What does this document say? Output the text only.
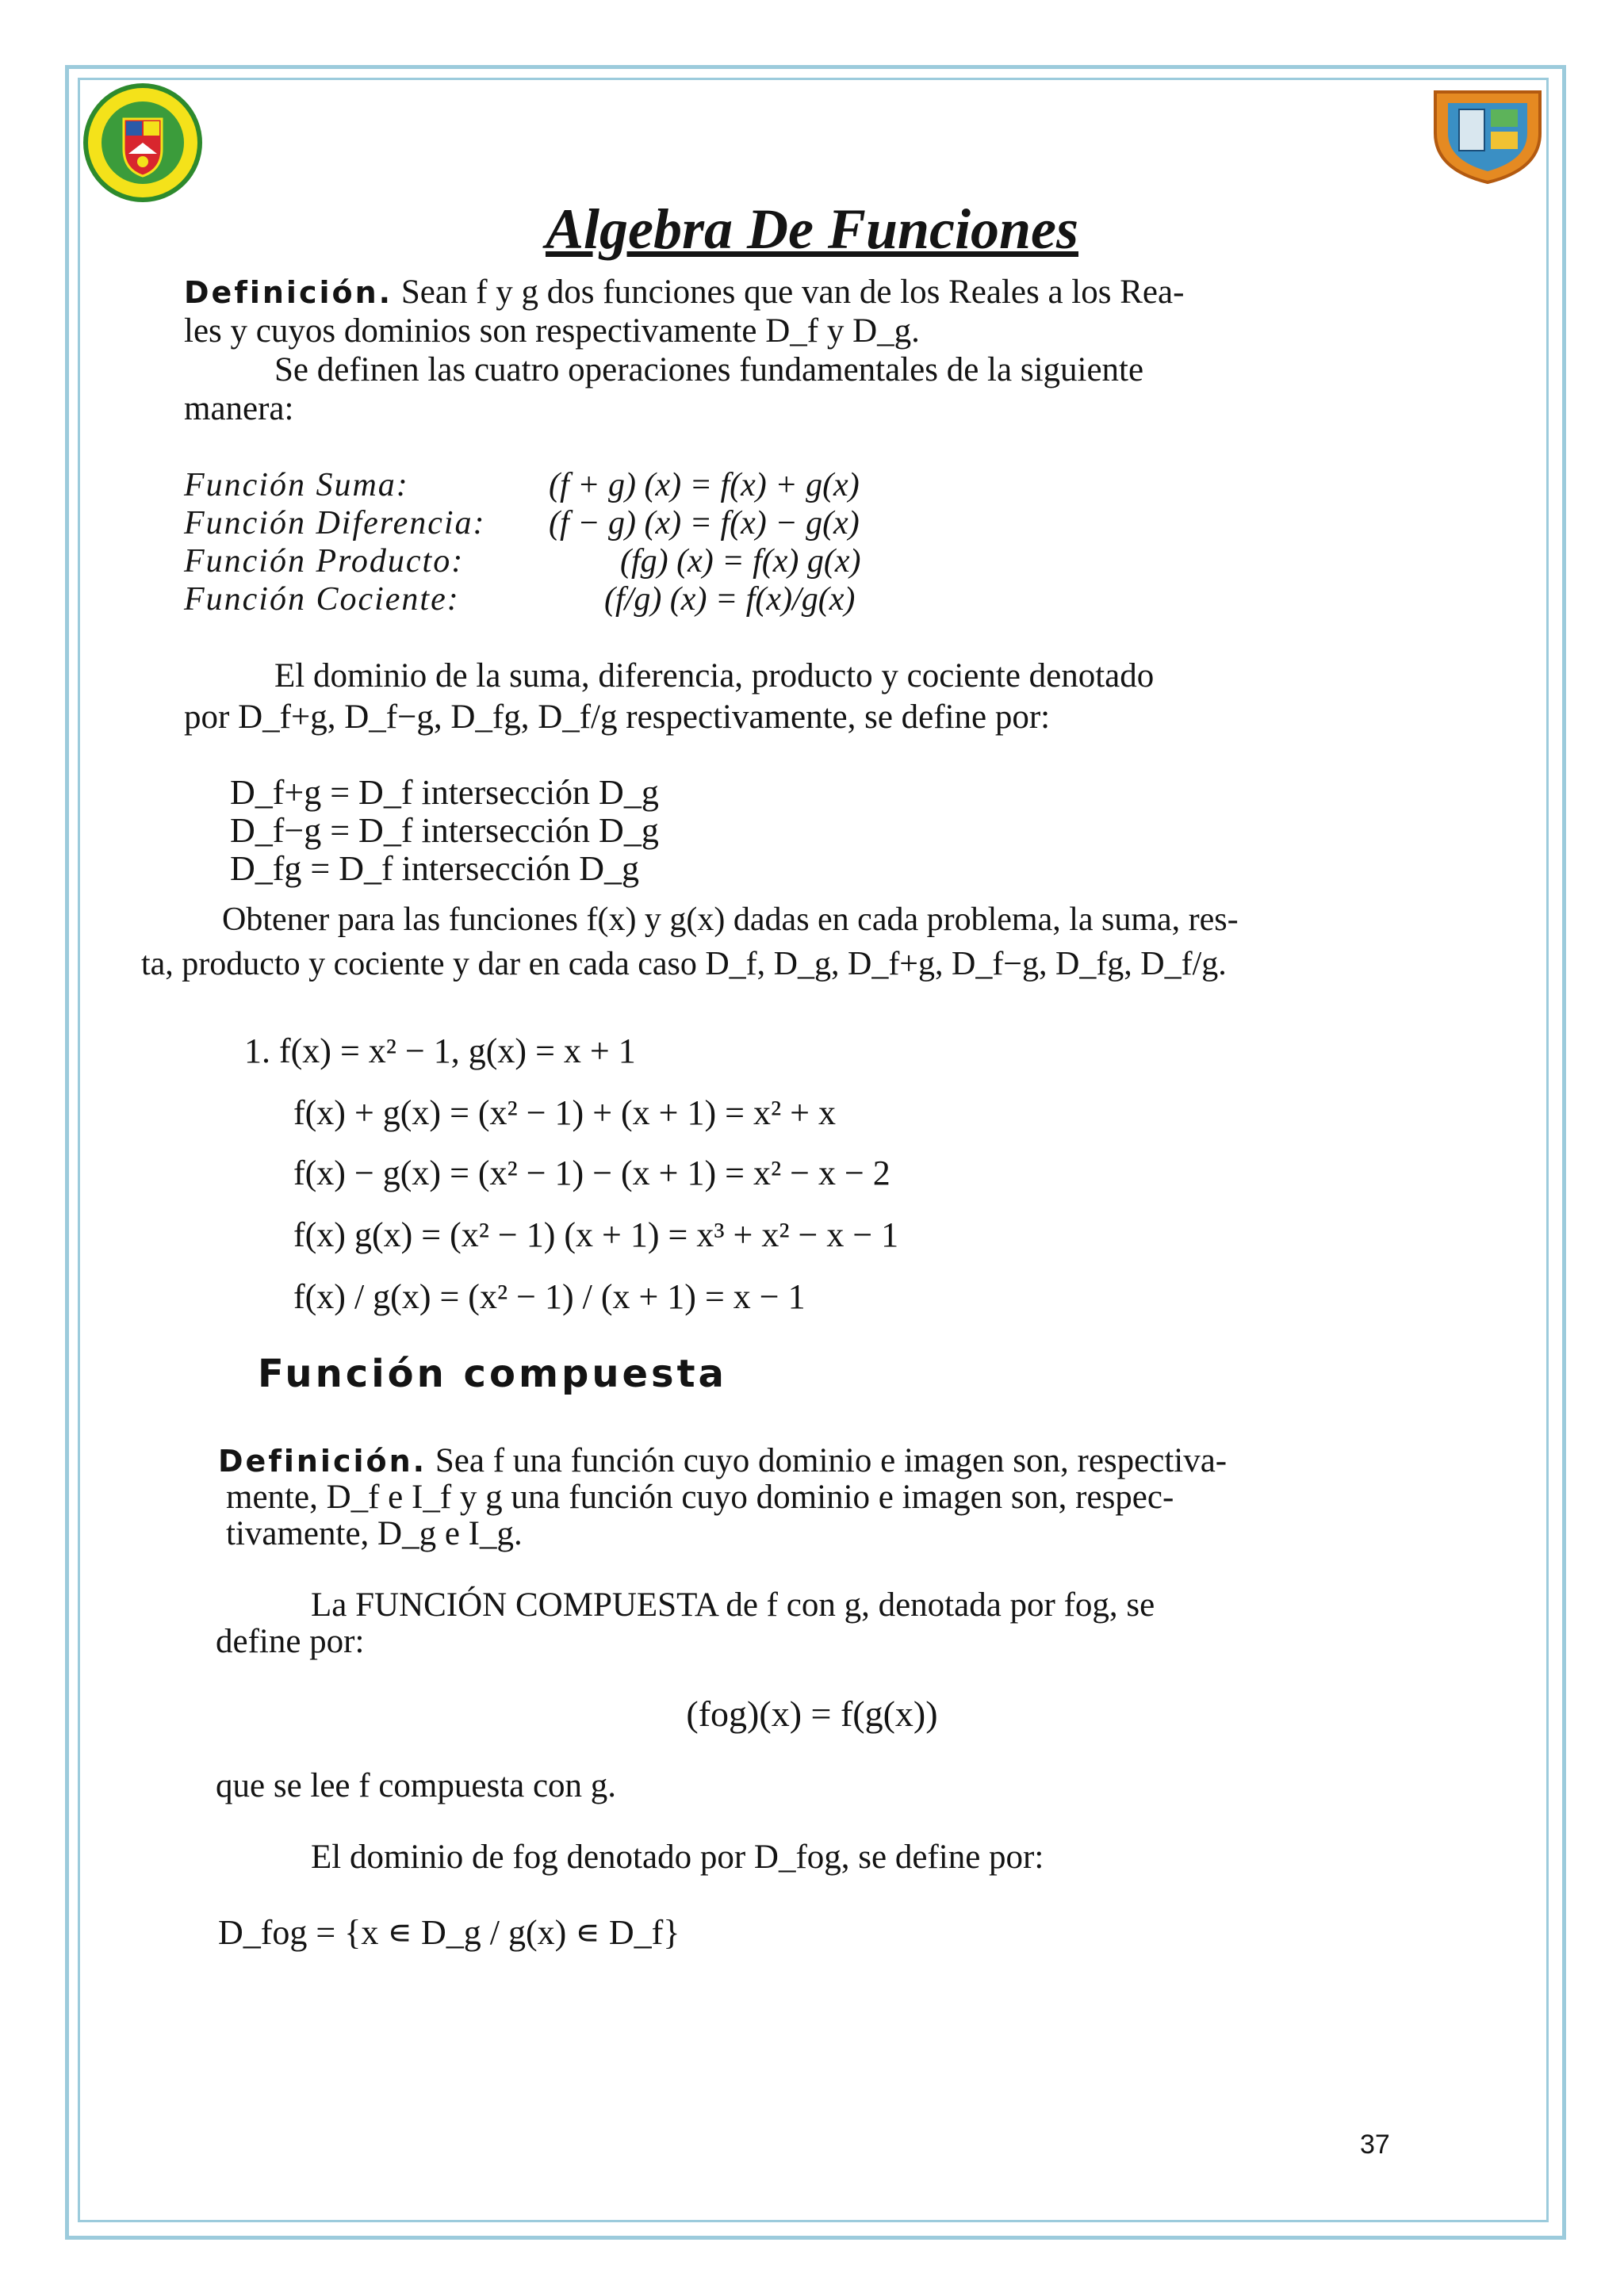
Algebra De Funciones

Definición. Sean f y g dos funciones que van de los Reales a los Rea-

les y cuyos dominios son respectivamente D_f y D_g.

Se definen las cuatro operaciones fundamentales de la siguiente

manera:

Función Suma:	(f + g) (x) = f(x) + g(x)
Función Diferencia: (f − g) (x) = f(x) − g(x)
Función Producto:	(fg) (x) = f(x) g(x)
Función Cociente:	(f/g) (x) = f(x)/g(x)

El dominio de la suma, diferencia, producto y cociente denotado

por D_f+g, D_f−g, D_fg, D_f/g respectivamente, se define por:

D_f+g = D_f intersección D_g
D_f−g = D_f intersección D_g
D_fg = D_f intersección D_g

Obtener para las funciones f(x) y g(x) dadas en cada problema, la suma, res-

ta, producto y cociente y dar en cada caso D_f, D_g, D_f+g, D_f−g, D_fg, D_f/g.

1. f(x) = x² − 1, g(x) = x + 1
f(x) + g(x) = (x² − 1) + (x + 1) = x² + x
f(x) − g(x) = (x² − 1) − (x + 1) = x² − x − 2
f(x) g(x) = (x² − 1) (x + 1) = x³ + x² − x − 1
f(x) / g(x) = (x² − 1) / (x + 1) = x − 1
Función compuesta

Definición. Sea f una función cuyo dominio e imagen son, respectiva-

mente, D_f e I_f y g una función cuyo dominio e imagen son, respec-

tivamente, D_g e I_g.

La FUNCIÓN COMPUESTA de f con g, denotada por fog, se

define por:

(fog)(x) = f(g(x))

que se lee f compuesta con g.

El dominio de fog denotado por D_fog, se define por:

D_fog = {x ∊ D_g / g(x) ∊ D_f}
37
